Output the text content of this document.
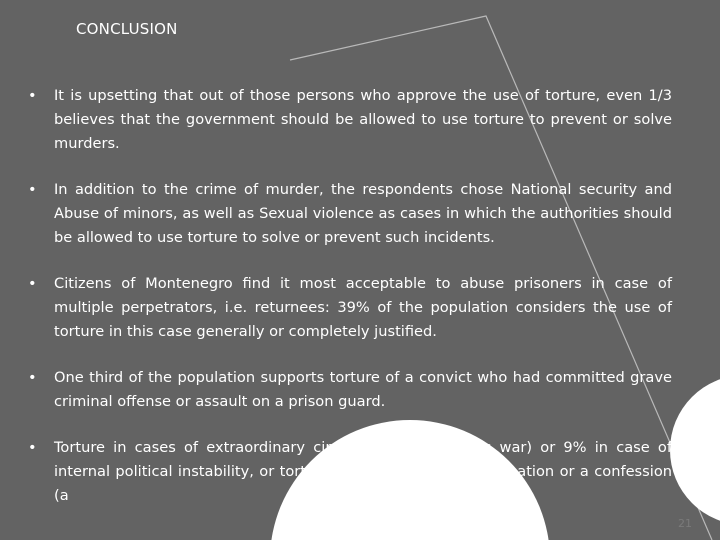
CONCLUSION
•	It is upsetting that out of those persons who approve the use of torture, even 1/3 believes that the government should be allowed to use torture to prevent or solve murders.
•	In addition to the crime of murder, the respondents chose National security and Abuse of minors, as well as Sexual violence as cases in which the authorities should be allowed to use torture to solve or prevent such incidents.
•	Citizens of Montenegro find it most acceptable to abuse prisoners in case of multiple perpetrators, i.e. returnees: 39% of the population considers the use of torture in this case generally or completely justified.
•	One third of the population supports torture of a convict who had committed grave criminal offense or assault on a prison guard.
•	Torture in cases of extraordinary circumstances (such as war) or 9% in case of internal political instability, or torture in order to obtain information or a confession (a
21
